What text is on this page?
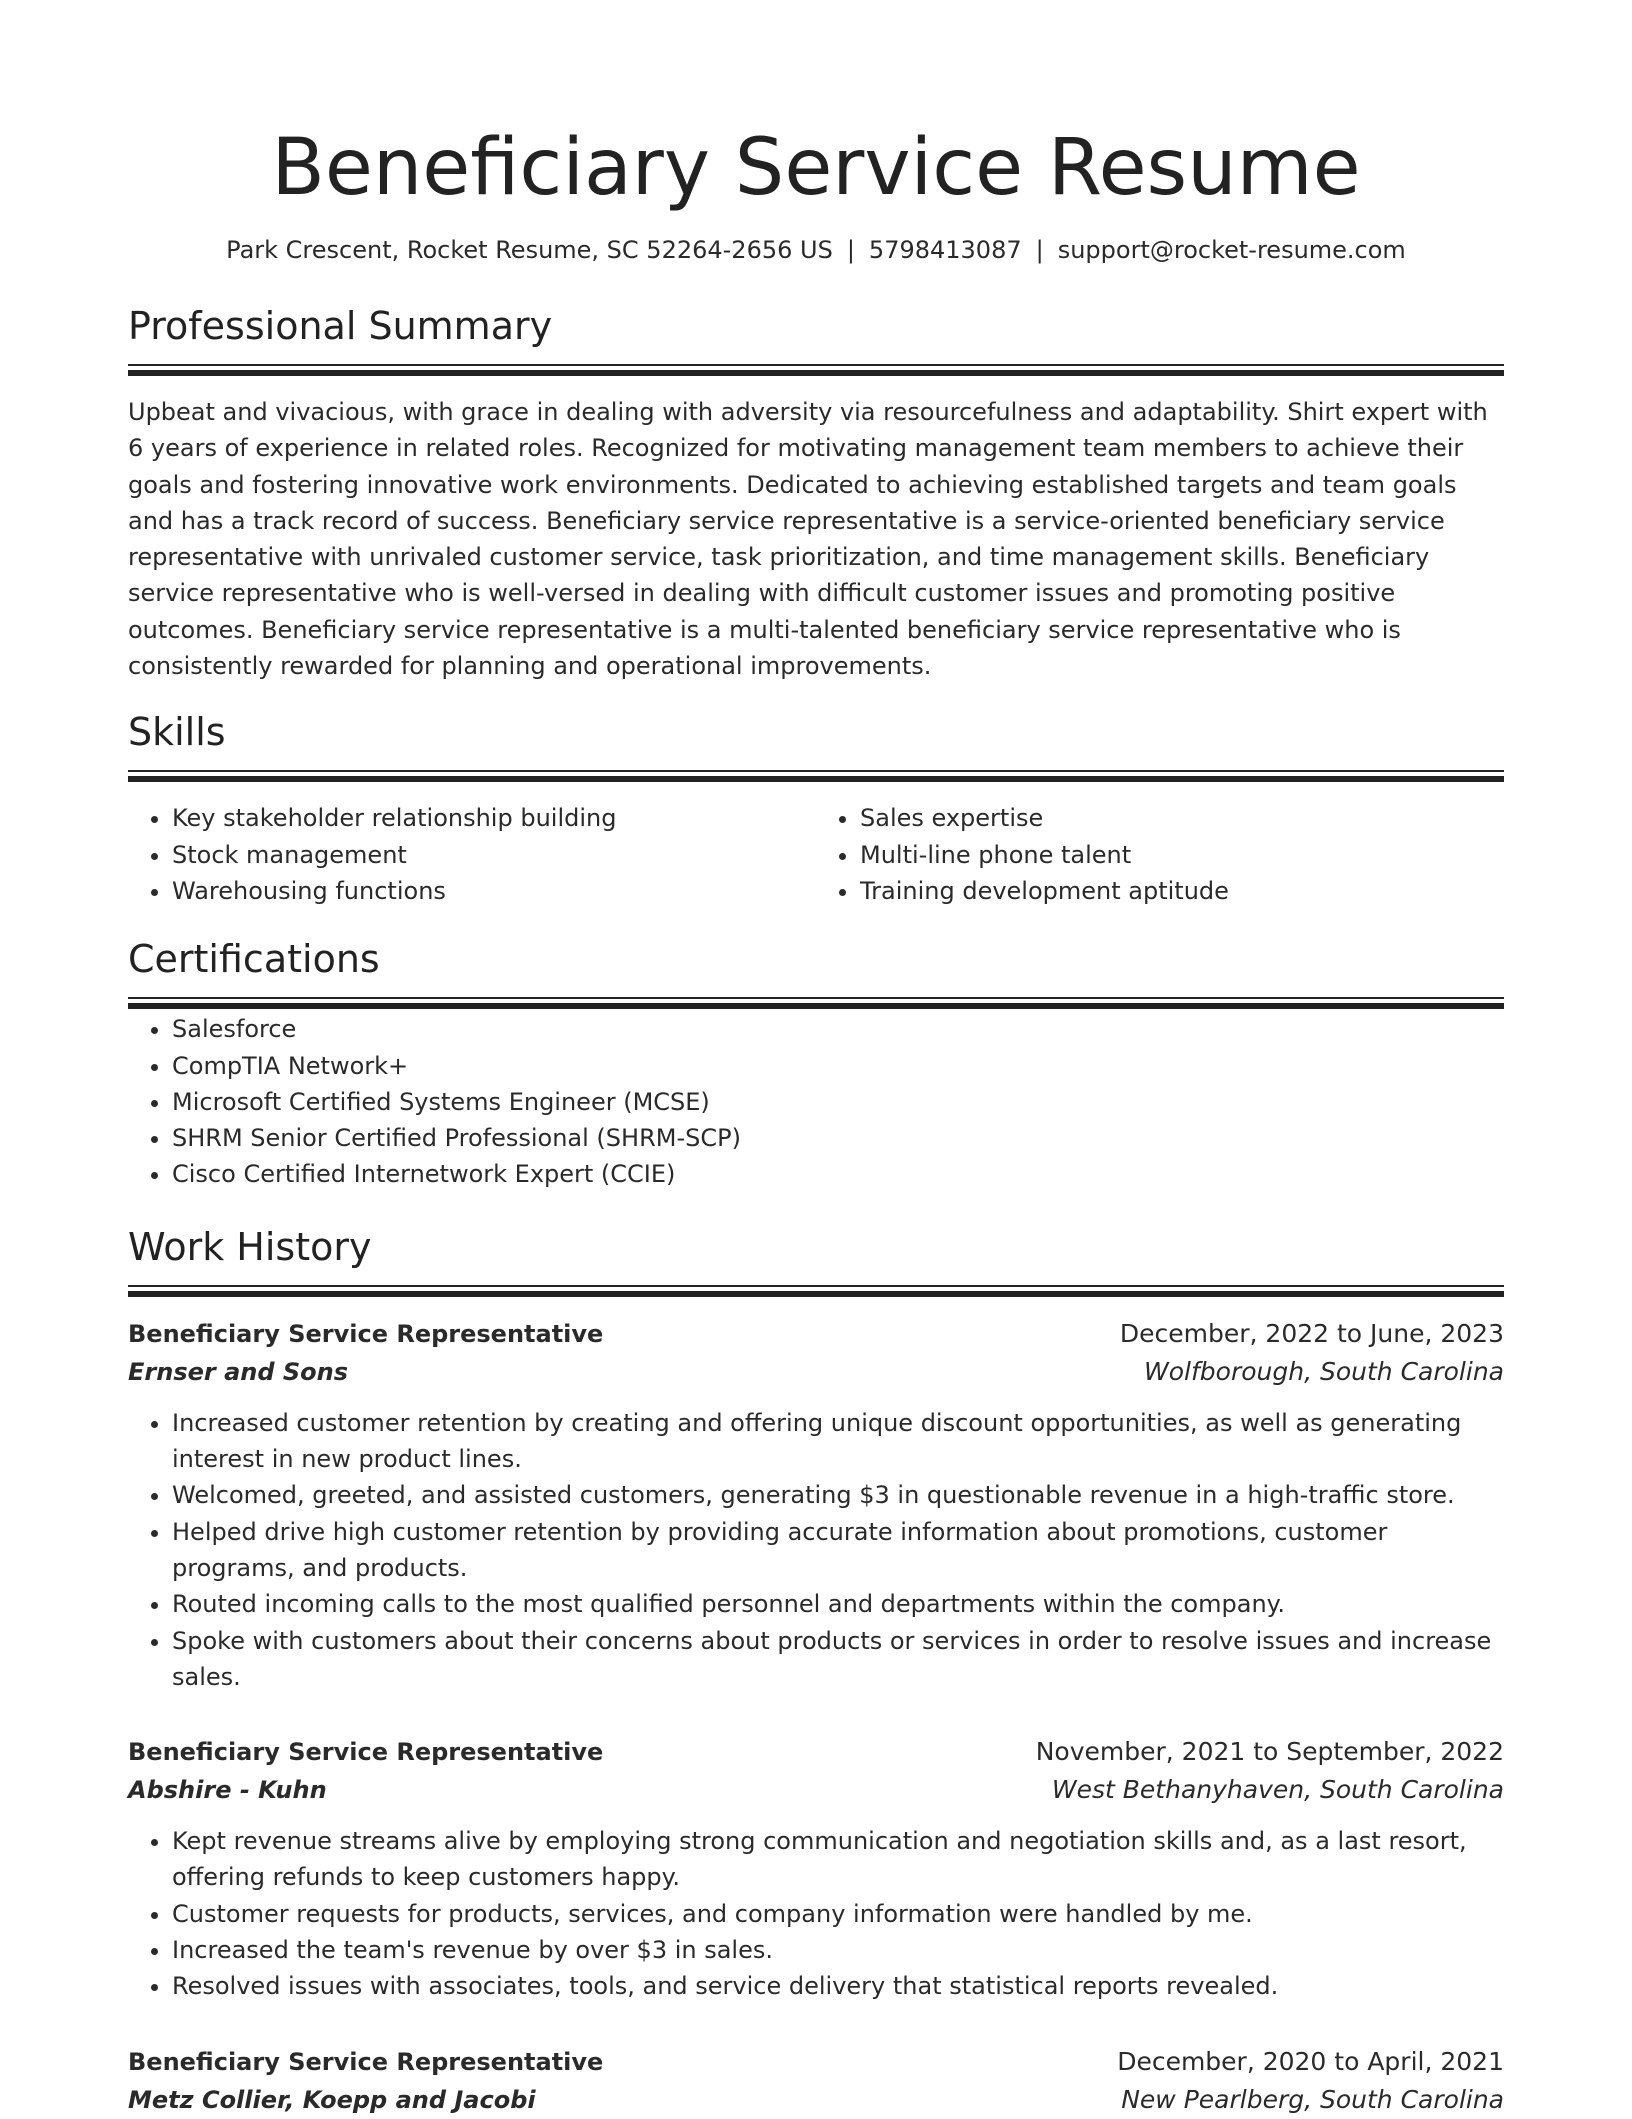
Beneficiary Service Resume
Park Crescent, Rocket Resume, SC 52264-2656 US | 5798413087 | support@rocket-resume.com
Professional Summary

Upbeat and vivacious, with grace in dealing with adversity via resourcefulness and adaptability. Shirt expert with 6 years of experience in related roles. Recognized for motivating management team members to achieve their goals and fostering innovative work environments. Dedicated to achieving established targets and team goals and has a track record of success. Beneficiary service representative is a service-oriented beneficiary service representative with unrivaled customer service, task prioritization, and time management skills. Beneficiary service representative who is well-versed in dealing with difficult customer issues and promoting positive outcomes. Beneficiary service representative is a multi-talented beneficiary service representative who is consistently rewarded for planning and operational improvements.

Skills
• Key stakeholder relationship building
• Stock management
• Warehousing functions
• Sales expertise
• Multi-line phone talent
• Training development aptitude
Certifications
• Salesforce
• CompTIA Network+
• Microsoft Certified Systems Engineer (MCSE)
• SHRM Senior Certified Professional (SHRM-SCP)
• Cisco Certified Internetwork Expert (CCIE)
Work History
Beneficiary Service Representative	December, 2022 to June, 2023
Ernser and Sons	Wolfborough, South Carolina
• Increased customer retention by creating and offering unique discount opportunities, as well as generating interest in new product lines.
• Welcomed, greeted, and assisted customers, generating $3 in questionable revenue in a high-traffic store.
• Helped drive high customer retention by providing accurate information about promotions, customer programs, and products.
• Routed incoming calls to the most qualified personnel and departments within the company.
• Spoke with customers about their concerns about products or services in order to resolve issues and increase sales.
Beneficiary Service Representative	November, 2021 to September, 2022
Abshire - Kuhn	West Bethanyhaven, South Carolina
• Kept revenue streams alive by employing strong communication and negotiation skills and, as a last resort, offering refunds to keep customers happy.
• Customer requests for products, services, and company information were handled by me.
• Increased the team's revenue by over $3 in sales.
• Resolved issues with associates, tools, and service delivery that statistical reports revealed.
Beneficiary Service Representative	December, 2020 to April, 2021
Metz Collier, Koepp and Jacobi	New Pearlberg, South Carolina
